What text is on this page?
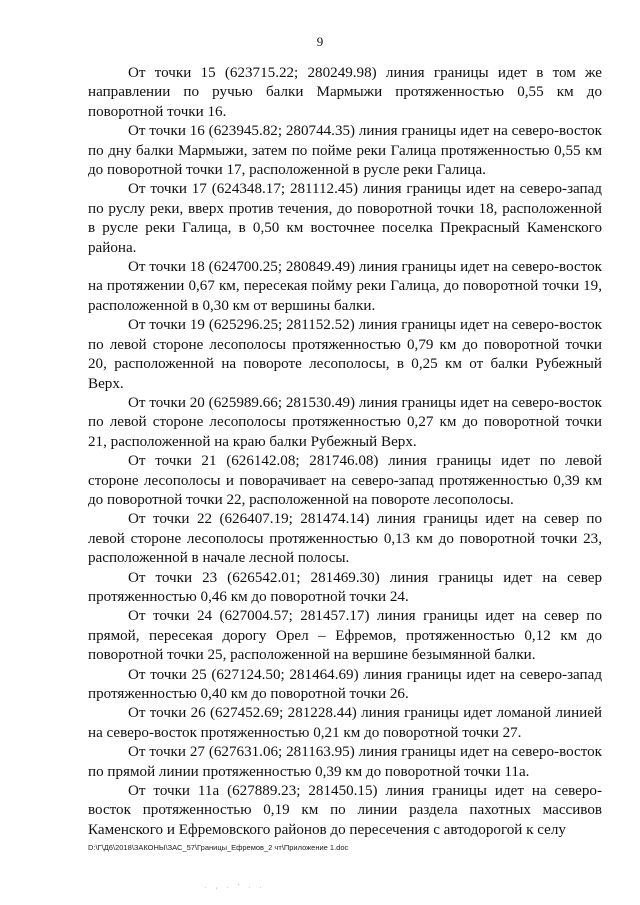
9

От точки 15 (623715.22; 280249.98) линия границы идет в том же направлении по ручью балки Мармыжи протяженностью 0,55 км до поворотной точки 16.

От точки 16 (623945.82; 280744.35) линия границы идет на северо-восток по дну балки Мармыжи, затем по пойме реки Галица протяженностью 0,55 км до поворотной точки 17, расположенной в русле реки Галица.

От точки 17 (624348.17; 281112.45) линия границы идет на северо-запад по руслу реки, вверх против течения, до поворотной точки 18, расположенной в русле реки Галица, в 0,50 км восточнее поселка Прекрасный Каменского района.

От точки 18 (624700.25; 280849.49) линия границы идет на северо-восток на протяжении 0,67 км, пересекая пойму реки Галица, до поворотной точки 19, расположенной в 0,30 км от вершины балки.

От точки 19 (625296.25; 281152.52) линия границы идет на северо-восток по левой стороне лесополосы протяженностью 0,79 км до поворотной точки 20, расположенной на повороте лесополосы, в 0,25 км от балки Рубежный Верх.

От точки 20 (625989.66; 281530.49) линия границы идет на северо-восток по левой стороне лесополосы протяженностью 0,27 км до поворотной точки 21, расположенной на краю балки Рубежный Верх.

От точки 21 (626142.08; 281746.08) линия границы идет по левой стороне лесополосы и поворачивает на северо-запад протяженностью 0,39 км до поворотной точки 22, расположенной на повороте лесополосы.

От точки 22 (626407.19; 281474.14) линия границы идет на север по левой стороне лесополосы протяженностью 0,13 км до поворотной точки 23, расположенной в начале лесной полосы.

От точки 23 (626542.01; 281469.30) линия границы идет на север протяженностью 0,46 км до поворотной точки 24.

От точки 24 (627004.57; 281457.17) линия границы идет на север по прямой, пересекая дорогу Орел – Ефремов, протяженностью 0,12 км до поворотной точки 25, расположенной на вершине безымянной балки.

От точки 25 (627124.50; 281464.69) линия границы идет на северо-запад протяженностью 0,40 км до поворотной точки 26.

От точки 26 (627452.69; 281228.44) линия границы идет ломаной линией на северо-восток протяженностью 0,21 км до поворотной точки 27.

От точки 27 (627631.06; 281163.95) линия границы идет на северо-восток по прямой линии протяженностью 0,39 км до поворотной точки 11а.

От точки 11а (627889.23; 281450.15) линия границы идет на северо-восток протяженностью 0,19 км по линии раздела пахотных массивов Каменского и Ефремовского районов до пересечения с автодорогой к селу

D:\Г\Д6\2018\ЗАКОНЫ\ЗАС_57\Границы_Ефремов_2 чт\Приложение 1.doc
. , . ' . .
